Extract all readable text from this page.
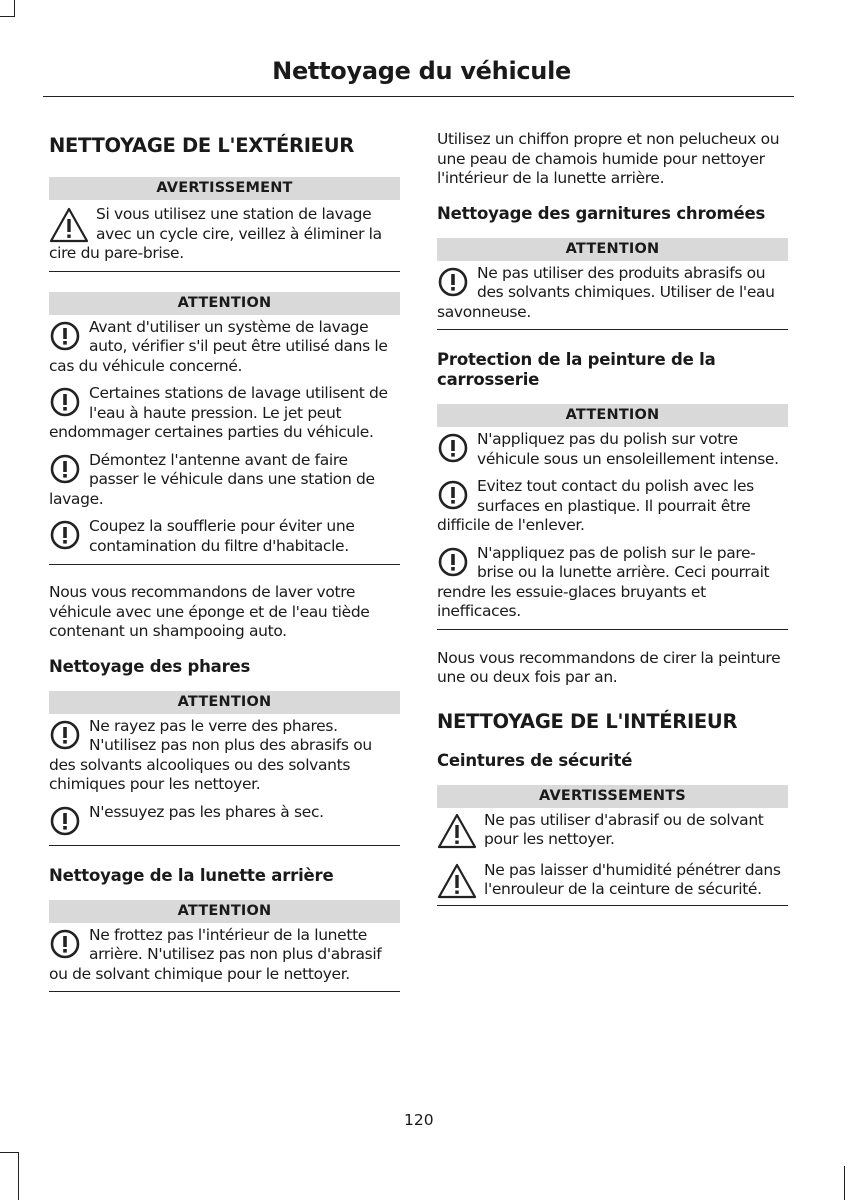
Nettoyage du véhicule
NETTOYAGE DE L'EXTÉRIEUR
AVERTISSEMENT
Si vous utilisez une station de lavage avec un cycle cire, veillez à éliminer la cire du pare-brise.
ATTENTION
Avant d'utiliser un système de lavage auto, vérifier s'il peut être utilisé dans le cas du véhicule concerné.
Certaines stations de lavage utilisent de l'eau à haute pression. Le jet peut endommager certaines parties du véhicule.
Démontez l'antenne avant de faire passer le véhicule dans une station de lavage.
Coupez la soufflerie pour éviter une contamination du filtre d'habitacle.
Nous vous recommandons de laver votre véhicule avec une éponge et de l'eau tiède contenant un shampooing auto.
Nettoyage des phares
ATTENTION
Ne rayez pas le verre des phares. N'utilisez pas non plus des abrasifs ou des solvants alcooliques ou des solvants chimiques pour les nettoyer.
N'essuyez pas les phares à sec.
Nettoyage de la lunette arrière
ATTENTION
Ne frottez pas l'intérieur de la lunette arrière. N'utilisez pas non plus d'abrasif ou de solvant chimique pour le nettoyer.
Utilisez un chiffon propre et non pelucheux ou une peau de chamois humide pour nettoyer l'intérieur de la lunette arrière.
Nettoyage des garnitures chromées
ATTENTION
Ne pas utiliser des produits abrasifs ou des solvants chimiques. Utiliser de l'eau savonneuse.
Protection de la peinture de la carrosserie
ATTENTION
N'appliquez pas du polish sur votre véhicule sous un ensoleillement intense.
Evitez tout contact du polish avec les surfaces en plastique. Il pourrait être difficile de l'enlever.
N'appliquez pas de polish sur le pare-brise ou la lunette arrière. Ceci pourrait rendre les essuie-glaces bruyants et inefficaces.
Nous vous recommandons de cirer la peinture une ou deux fois par an.
NETTOYAGE DE L'INTÉRIEUR
Ceintures de sécurité
AVERTISSEMENTS
Ne pas utiliser d'abrasif ou de solvant pour les nettoyer.
Ne pas laisser d'humidité pénétrer dans l'enrouleur de la ceinture de sécurité.
120
